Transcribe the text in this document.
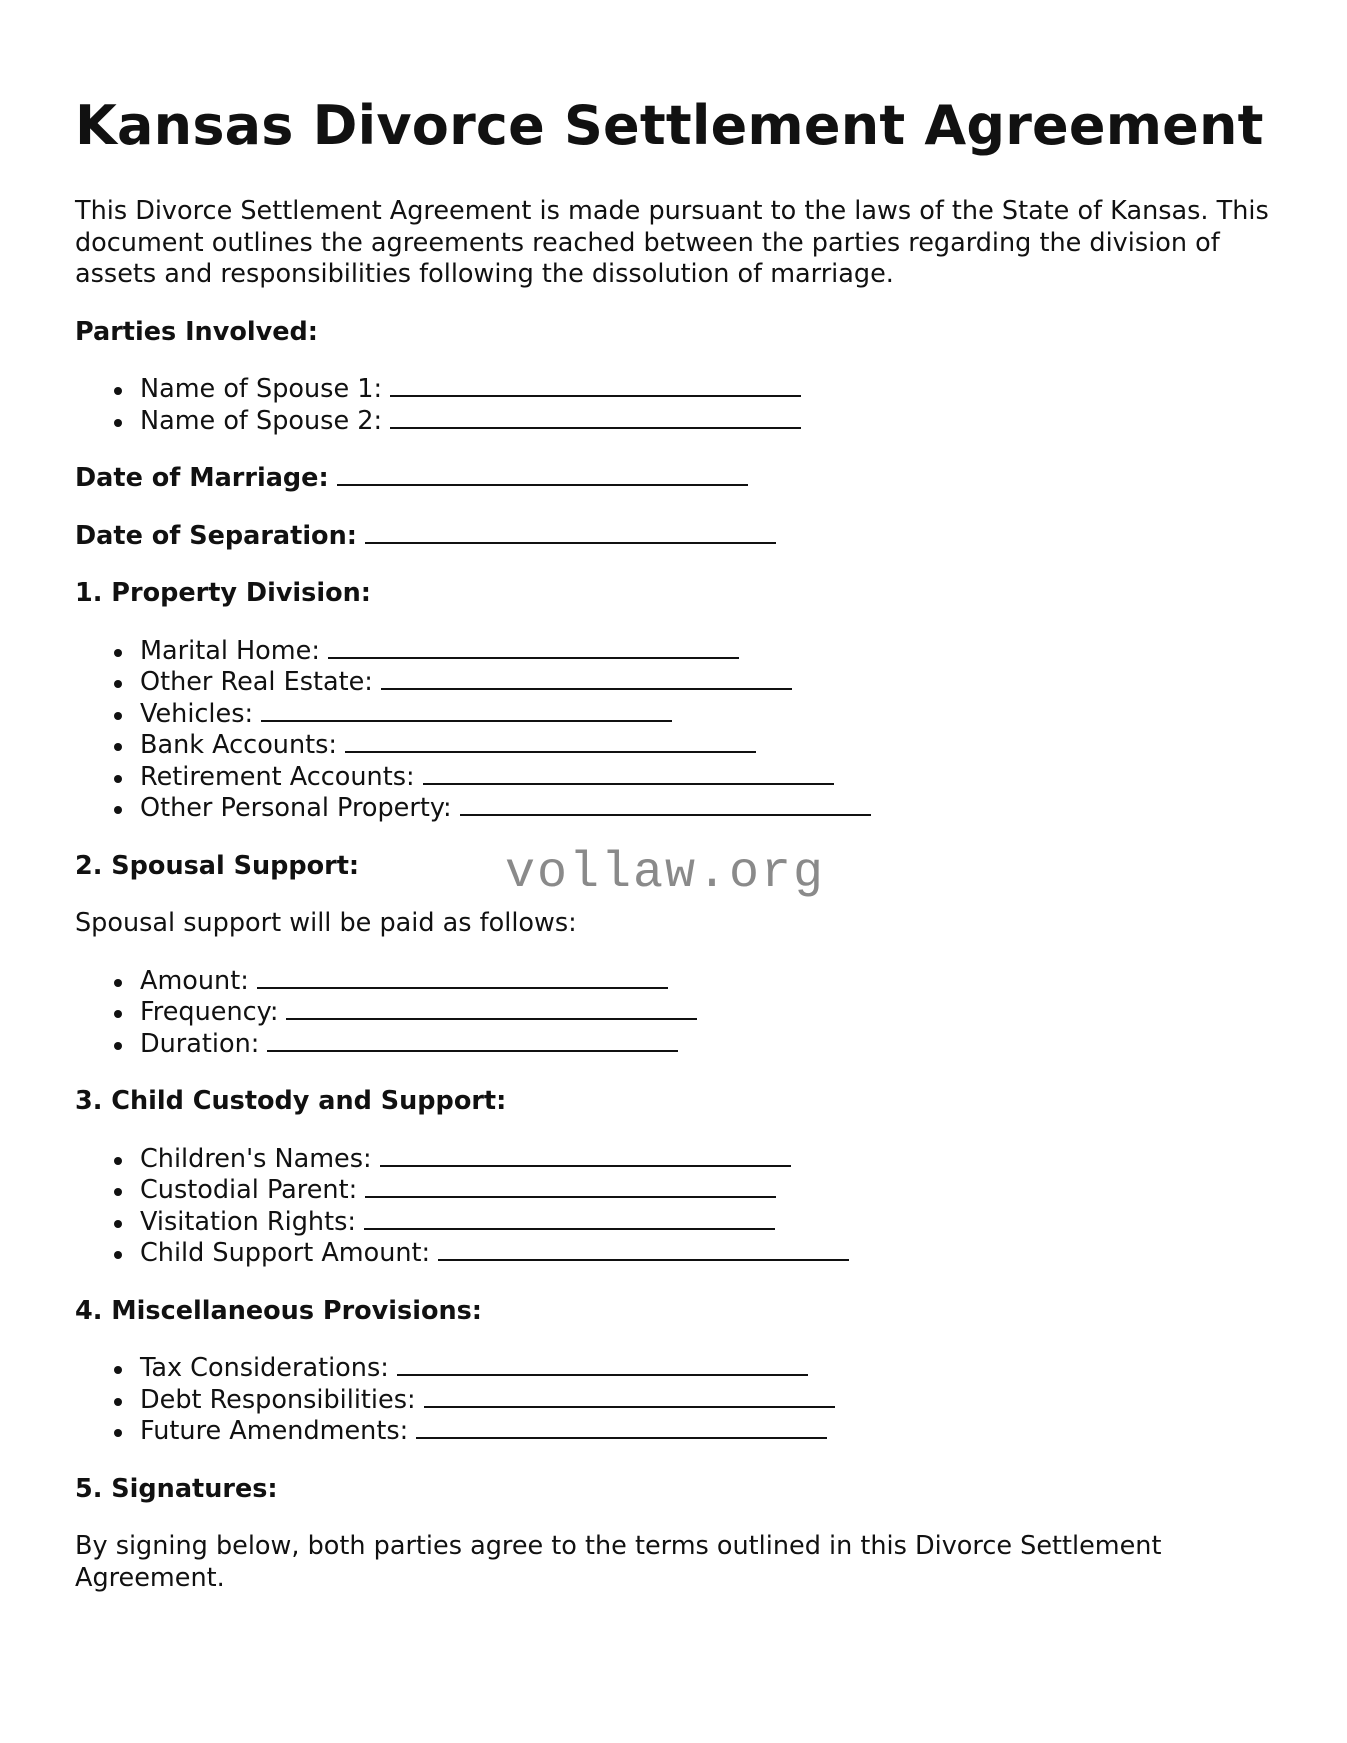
Kansas Divorce Settlement Agreement

This Divorce Settlement Agreement is made pursuant to the laws of the State of Kansas. This document outlines the agreements reached between the parties regarding the division of assets and responsibilities following the dissolution of marriage.

Parties Involved:

Name of Spouse 1:
Name of Spouse 2:

Date of Marriage:

Date of Separation:

1. Property Division:

Marital Home:
Other Real Estate:
Vehicles:
Bank Accounts:
Retirement Accounts:
Other Personal Property:

2. Spousal Support:

Spousal support will be paid as follows:

Amount:
Frequency:
Duration:

3. Child Custody and Support:

Children's Names:
Custodial Parent:
Visitation Rights:
Child Support Amount:

4. Miscellaneous Provisions:

Tax Considerations:
Debt Responsibilities:
Future Amendments:

5. Signatures:

By signing below, both parties agree to the terms outlined in this Divorce Settlement Agreement.

vollaw.org
